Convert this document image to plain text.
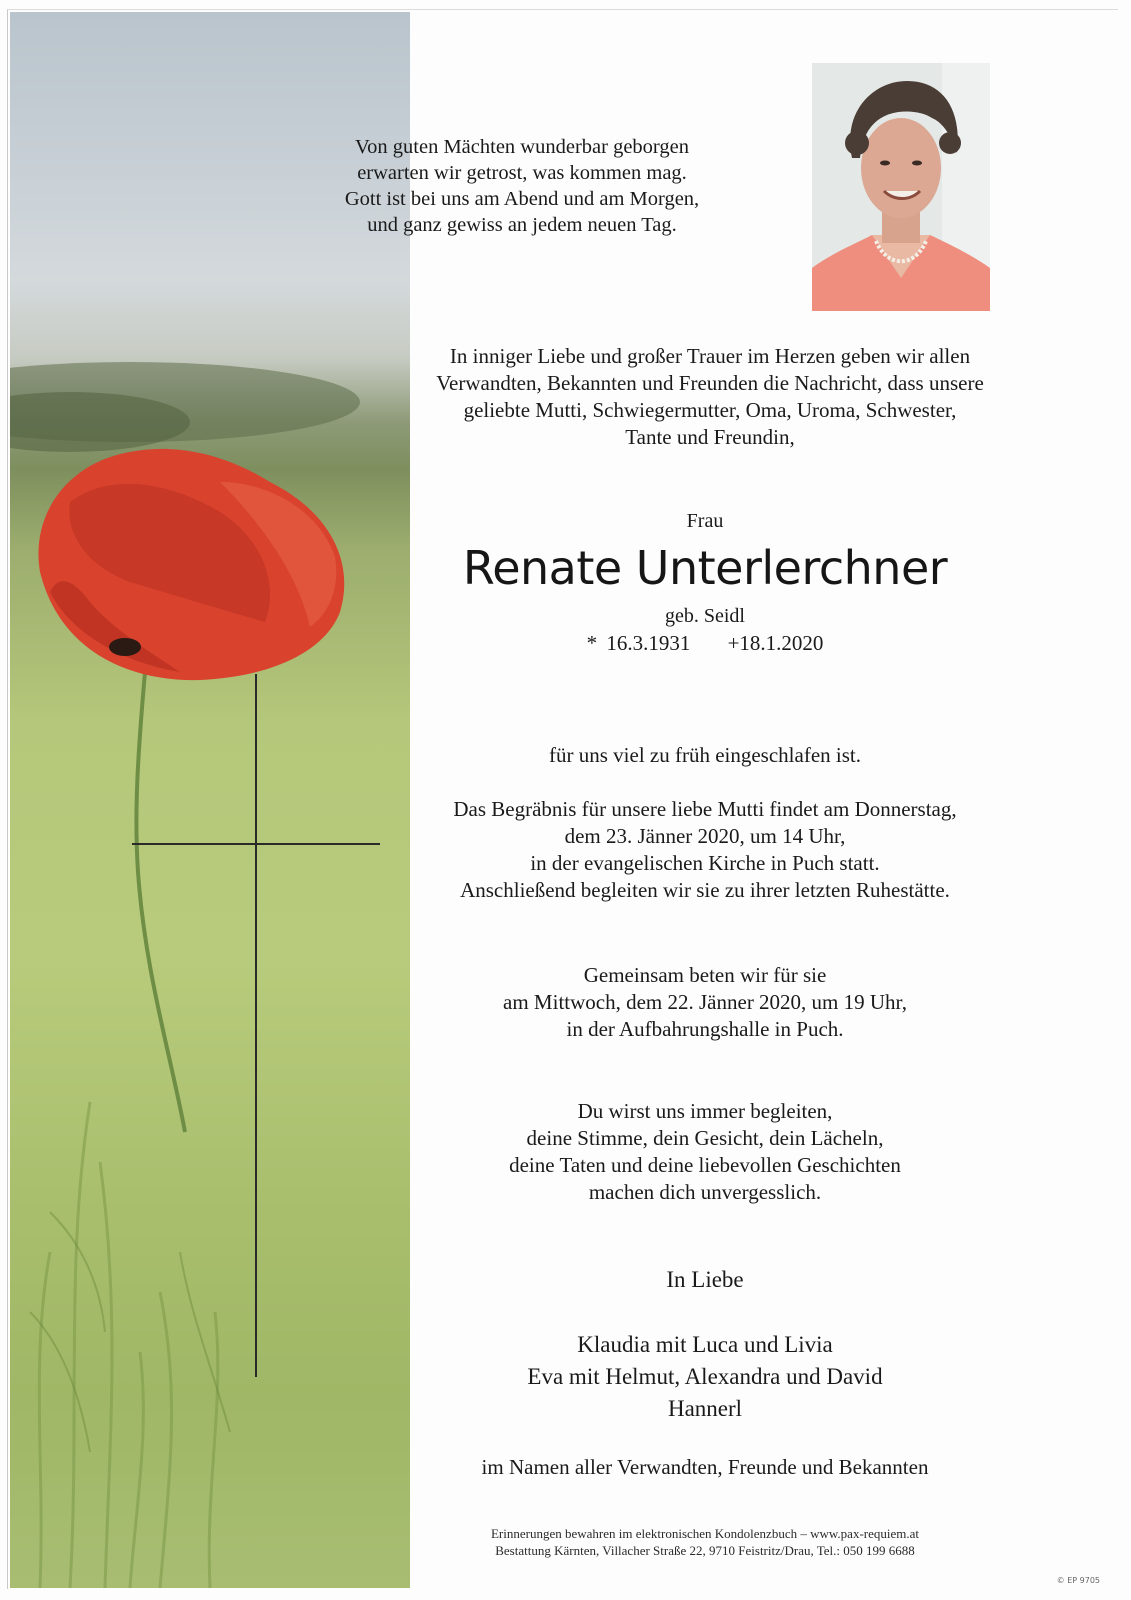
Von guten Mächten wunderbar geborgen
erwarten wir getrost, was kommen mag.
Gott ist bei uns am Abend und am Morgen,
und ganz gewiss an jedem neuen Tag.

In inniger Liebe und großer Trauer im Herzen geben wir allen
Verwandten, Bekannten und Freunden die Nachricht, dass unsere
geliebte Mutti, Schwiegermutter, Oma, Uroma, Schwester,
Tante und Freundin,

Frau

Renate Unterlerchner

geb. Seidl

* 16.3.1931 +18.1.2020

für uns viel zu früh eingeschlafen ist.

Das Begräbnis für unsere liebe Mutti findet am Donnerstag,
dem 23. Jänner 2020, um 14 Uhr,
in der evangelischen Kirche in Puch statt.
Anschließend begleiten wir sie zu ihrer letzten Ruhestätte.

Gemeinsam beten wir für sie
am Mittwoch, dem 22. Jänner 2020, um 19 Uhr,
in der Aufbahrungshalle in Puch.

Du wirst uns immer begleiten,
deine Stimme, dein Gesicht, dein Lächeln,
deine Taten und deine liebevollen Geschichten
machen dich unvergesslich.

In Liebe

Klaudia mit Luca und Livia
Eva mit Helmut, Alexandra und David
Hannerl

im Namen aller Verwandten, Freunde und Bekannten

Erinnerungen bewahren im elektronischen Kondolenzbuch – www.pax-requiem.at
Bestattung Kärnten, Villacher Straße 22, 9710 Feistritz/Drau, Tel.: 050 199 6688

© EP 9705
